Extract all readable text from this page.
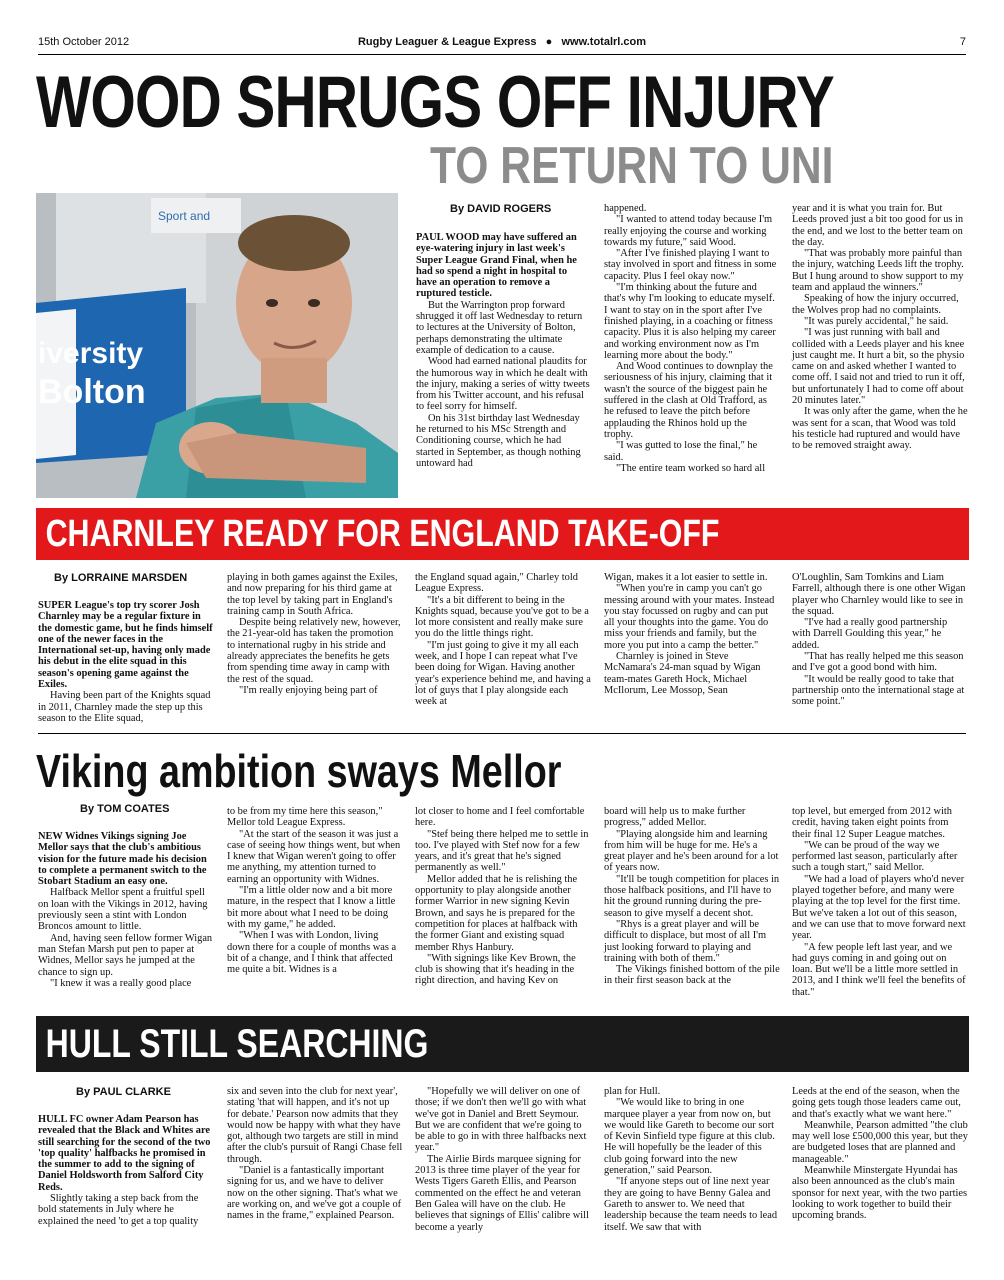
15th October 2012	Rugby Leaguer & League Express ● www.totalrl.com	7
WOOD SHRUGS OFF INJURY
TO RETURN TO UNI
Sport and
iversity
Bolton
By DAVID ROGERS

PAUL WOOD may have suffered an eye-watering injury in last week's Super League Grand Final, when he had so spend a night in hospital to have an operation to remove a ruptured testicle.

But the Warrington prop forward shrugged it off last Wednesday to return to lectures at the University of Bolton, perhaps demonstrating the ultimate example of dedication to a cause.

Wood had earned national plaudits for the humorous way in which he dealt with the injury, making a series of witty tweets from his Twitter account, and his refusal to feel sorry for himself.

On his 31st birthday last Wednesday he returned to his MSc Strength and Conditioning course, which he had started in September, as though nothing untoward had

happened.

"I wanted to attend today because I'm really enjoying the course and working towards my future," said Wood.

"After I've finished playing I want to stay involved in sport and fitness in some capacity. Plus I feel okay now."

"I'm thinking about the future and that's why I'm looking to educate myself. I want to stay on in the sport after I've finished playing, in a coaching or fitness capacity. Plus it is also helping my career and working environment now as I'm learning more about the body."

And Wood continues to downplay the seriousness of his injury, claiming that it wasn't the source of the biggest pain he suffered in the clash at Old Trafford, as he refused to leave the pitch before applauding the Rhinos hold up the trophy.

"I was gutted to lose the final," he said.

"The entire team worked so hard all

year and it is what you train for. But Leeds proved just a bit too good for us in the end, and we lost to the better team on the day.

"That was probably more painful than the injury, watching Leeds lift the trophy. But I hung around to show support to my team and applaud the winners."

Speaking of how the injury occurred, the Wolves prop had no complaints.

"It was purely accidental," he said.

"I was just running with ball and collided with a Leeds player and his knee just caught me. It hurt a bit, so the physio came on and asked whether I wanted to come off. I said not and tried to run it off, but unfortunately I had to come off about 20 minutes later."

It was only after the game, when the he was sent for a scan, that Wood was told his testicle had ruptured and would have to be removed straight away.

CHARNLEY READY FOR ENGLAND TAKE-OFF
By LORRAINE MARSDEN

SUPER League's top try scorer Josh Charnley may be a regular fixture in the domestic game, but he finds himself one of the newer faces in the International set-up, having only made his debut in the elite squad in this season's opening game against the Exiles.

Having been part of the Knights squad in 2011, Charnley made the step up this season to the Elite squad,

playing in both games against the Exiles, and now preparing for his third game at the top level by taking part in England's training camp in South Africa.

Despite being relatively new, however, the 21-year-old has taken the promotion to international rugby in his stride and already appreciates the benefits he gets from spending time away in camp with the rest of the squad.

"I'm really enjoying being part of

the England squad again," Charley told League Express.

"It's a bit different to being in the Knights squad, because you've got to be a lot more consistent and really make sure you do the little things right.

"I'm just going to give it my all each week, and I hope I can repeat what I've been doing for Wigan. Having another year's experience behind me, and having a lot of guys that I play alongside each week at

Wigan, makes it a lot easier to settle in.

"When you're in camp you can't go messing around with your mates. Instead you stay focussed on rugby and can put all your thoughts into the game. You do miss your friends and family, but the more you put into a camp the better."

Charnley is joined in Steve McNamara's 24-man squad by Wigan team-mates Gareth Hock, Michael McIlorum, Lee Mossop, Sean

O'Loughlin, Sam Tomkins and Liam Farrell, although there is one other Wigan player who Charnley would like to see in the squad.

"I've had a really good partnership with Darrell Goulding this year," he added.

"That has really helped me this season and I've got a good bond with him.

"It would be really good to take that partnership onto the international stage at some point."

Viking ambition sways Mellor
By TOM COATES

NEW Widnes Vikings signing Joe Mellor says that the club's ambitious vision for the future made his decision to complete a permanent switch to the Stobart Stadium an easy one.

Halfback Mellor spent a fruitful spell on loan with the Vikings in 2012, having previously seen a stint with London Broncos amount to little.

And, having seen fellow former Wigan man Stefan Marsh put pen to paper at Widnes, Mellor says he jumped at the chance to sign up.

"I knew it was a really good place

to be from my time here this season," Mellor told League Express.

"At the start of the season it was just a case of seeing how things went, but when I knew that Wigan weren't going to offer me anything, my attention turned to earning an opportunity with Widnes.

"I'm a little older now and a bit more mature, in the respect that I know a little bit more about what I need to be doing with my game," he added.

"When I was with London, living down there for a couple of months was a bit of a change, and I think that affected me quite a bit. Widnes is a

lot closer to home and I feel comfortable here.

"Stef being there helped me to settle in too. I've played with Stef now for a few years, and it's great that he's signed permanently as well."

Mellor added that he is relishing the opportunity to play alongside another former Warrior in new signing Kevin Brown, and says he is prepared for the competition for places at halfback with the former Giant and existing squad member Rhys Hanbury.

"With signings like Kev Brown, the club is showing that it's heading in the right direction, and having Kev on

board will help us to make further progress," added Mellor.

"Playing alongside him and learning from him will be huge for me. He's a great player and he's been around for a lot of years now.

"It'll be tough competition for places in those halfback positions, and I'll have to hit the ground running during the pre-season to give myself a decent shot.

"Rhys is a great player and will be difficult to displace, but most of all I'm just looking forward to playing and training with both of them."

The Vikings finished bottom of the pile in their first season back at the

top level, but emerged from 2012 with credit, having taken eight points from their final 12 Super League matches.

"We can be proud of the way we performed last season, particularly after such a tough start," said Mellor.

"We had a load of players who'd never played together before, and many were playing at the top level for the first time. But we've taken a lot out of this season, and we can use that to move forward next year.

"A few people left last year, and we had guys coming in and going out on loan. But we'll be a little more settled in 2013, and I think we'll feel the benefits of that."

HULL STILL SEARCHING
By PAUL CLARKE

HULL FC owner Adam Pearson has revealed that the Black and Whites are still searching for the second of the two 'top quality' halfbacks he promised in the summer to add to the signing of Daniel Holdsworth from Salford City Reds.

Slightly taking a step back from the bold statements in July where he explained the need 'to get a top quality

six and seven into the club for next year', stating 'that will happen, and it's not up for debate.' Pearson now admits that they would now be happy with what they have got, although two targets are still in mind after the club's pursuit of Rangi Chase fell through.

"Daniel is a fantastically important signing for us, and we have to deliver now on the other signing. That's what we are working on, and we've got a couple of names in the frame," explained Pearson.

"Hopefully we will deliver on one of those; if we don't then we'll go with what we've got in Daniel and Brett Seymour. But we are confident that we're going to be able to go in with three halfbacks next year."

The Airlie Birds marquee signing for 2013 is three time player of the year for Wests Tigers Gareth Ellis, and Pearson commented on the effect he and veteran Ben Galea will have on the club. He believes that signings of Ellis' calibre will become a yearly

plan for Hull.

"We would like to bring in one marquee player a year from now on, but we would like Gareth to become our sort of Kevin Sinfield type figure at this club. He will hopefully be the leader of this club going forward into the new generation," said Pearson.

"If anyone steps out of line next year they are going to have Benny Galea and Gareth to answer to. We need that leadership because the team needs to lead itself. We saw that with

Leeds at the end of the season, when the going gets tough those leaders came out, and that's exactly what we want here."

Meanwhile, Pearson admitted "the club may well lose £500,000 this year, but they are budgeted loses that are planned and manageable."

Meanwhile Minstergate Hyundai has also been announced as the club's main sponsor for next year, with the two parties looking to work together to build their upcoming brands.
